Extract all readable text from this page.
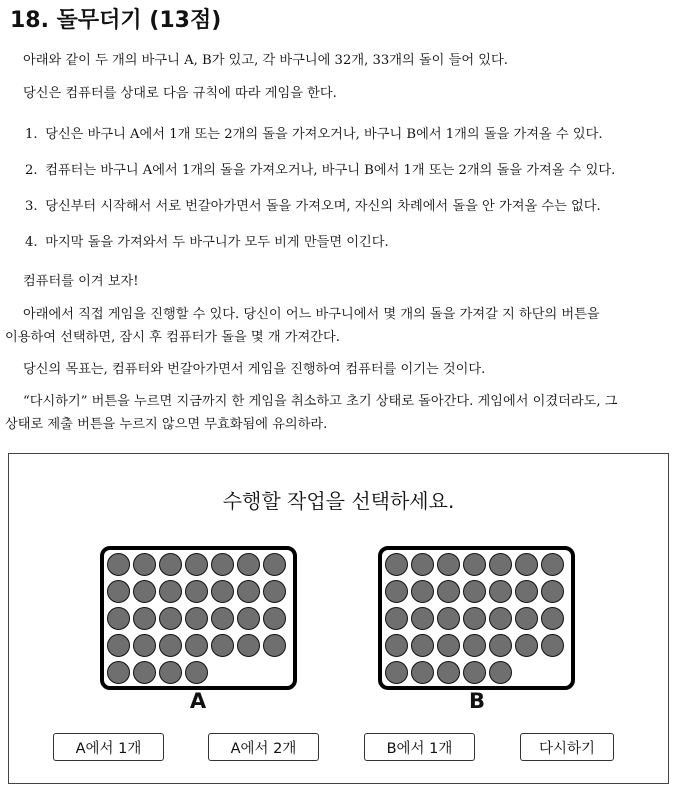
18. 돌무더기 (13점)
아래와 같이 두 개의 바구니 A, B가 있고, 각 바구니에 32개, 33개의 돌이 들어 있다.
당신은 컴퓨터를 상대로 다음 규칙에 따라 게임을 한다.
1. 당신은 바구니 A에서 1개 또는 2개의 돌을 가져오거나, 바구니 B에서 1개의 돌을 가져올 수 있다.
2. 컴퓨터는 바구니 A에서 1개의 돌을 가져오거나, 바구니 B에서 1개 또는 2개의 돌을 가져올 수 있다.
3. 당신부터 시작해서 서로 번갈아가면서 돌을 가져오며, 자신의 차례에서 돌을 안 가져올 수는 없다.
4. 마지막 돌을 가져와서 두 바구니가 모두 비게 만들면 이긴다.
컴퓨터를 이겨 보자!
아래에서 직접 게임을 진행할 수 있다. 당신이 어느 바구니에서 몇 개의 돌을 가져갈 지 하단의 버튼을
이용하여 선택하면, 잠시 후 컴퓨터가 돌을 몇 개 가져간다.
당신의 목표는, 컴퓨터와 번갈아가면서 게임을 진행하여 컴퓨터를 이기는 것이다.
“다시하기” 버튼을 누르면 지금까지 한 게임을 취소하고 초기 상태로 돌아간다. 게임에서 이겼더라도, 그
상태로 제출 버튼을 누르지 않으면 무효화됨에 유의하라.
수행할 작업을 선택하세요.
A	B
A에서 1개	A에서 2개	B에서 1개	다시하기
